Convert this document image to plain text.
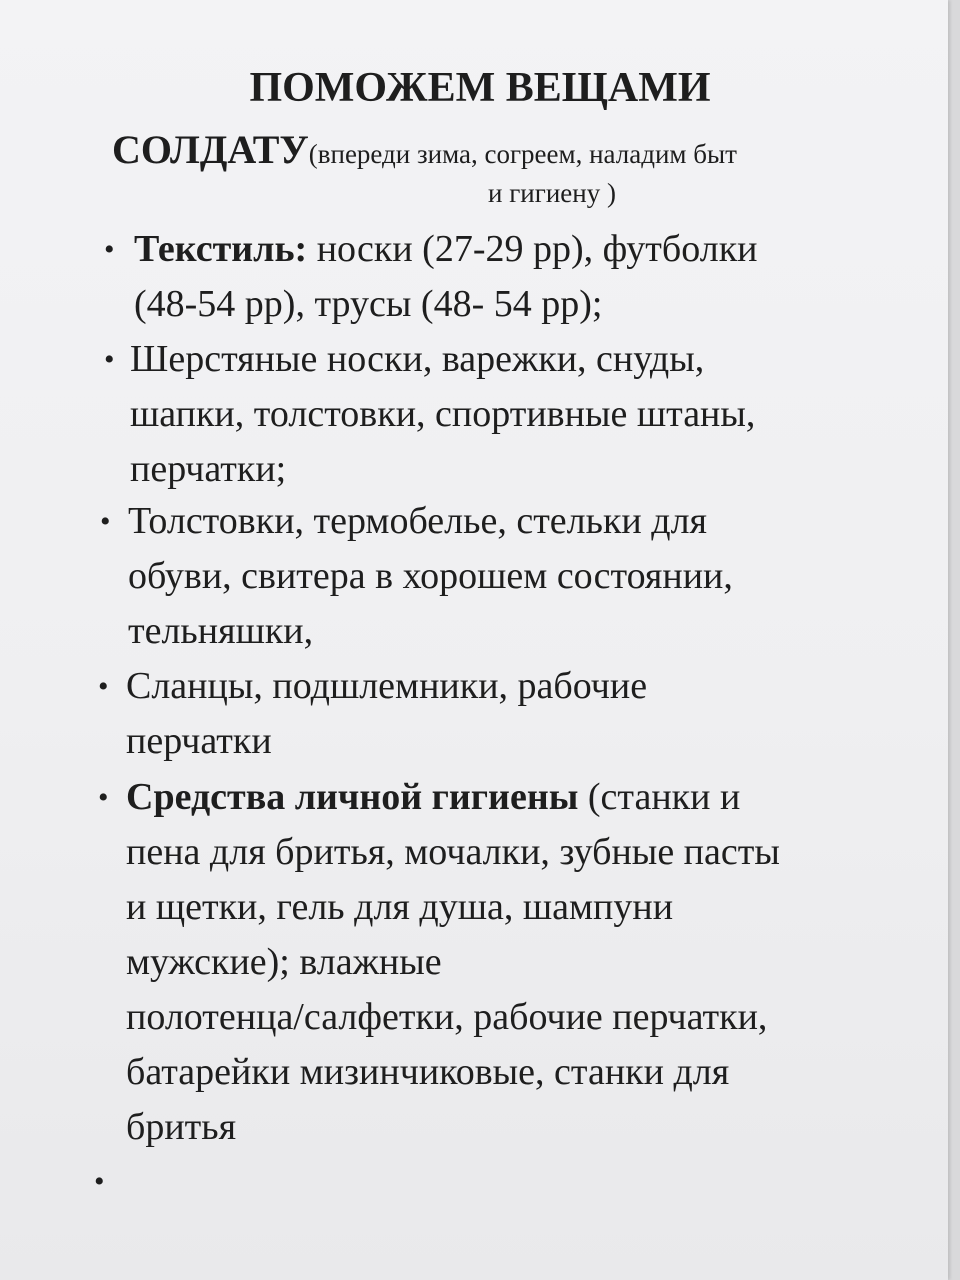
ПОМОЖЕМ ВЕЩАМИ
СОЛДАТУ(впереди зима, согреем, наладим быт
и гигиену )
• Текстиль: носки (27-29 рр), футболки
(48-54 рр), трусы (48- 54 рр);
• Шерстяные носки, варежки, снуды,
шапки, толстовки, спортивные штаны,
перчатки;
• Толстовки, термобелье, стельки для
обуви, свитера в хорошем состоянии,
тельняшки,
• Сланцы, подшлемники, рабочие
перчатки
• Средства личной гигиены (станки и
пена для бритья, мочалки, зубные пасты
и щетки, гель для душа, шампуни
мужские); влажные
полотенца/салфетки, рабочие перчатки,
батарейки мизинчиковые, станки для
бритья
•
